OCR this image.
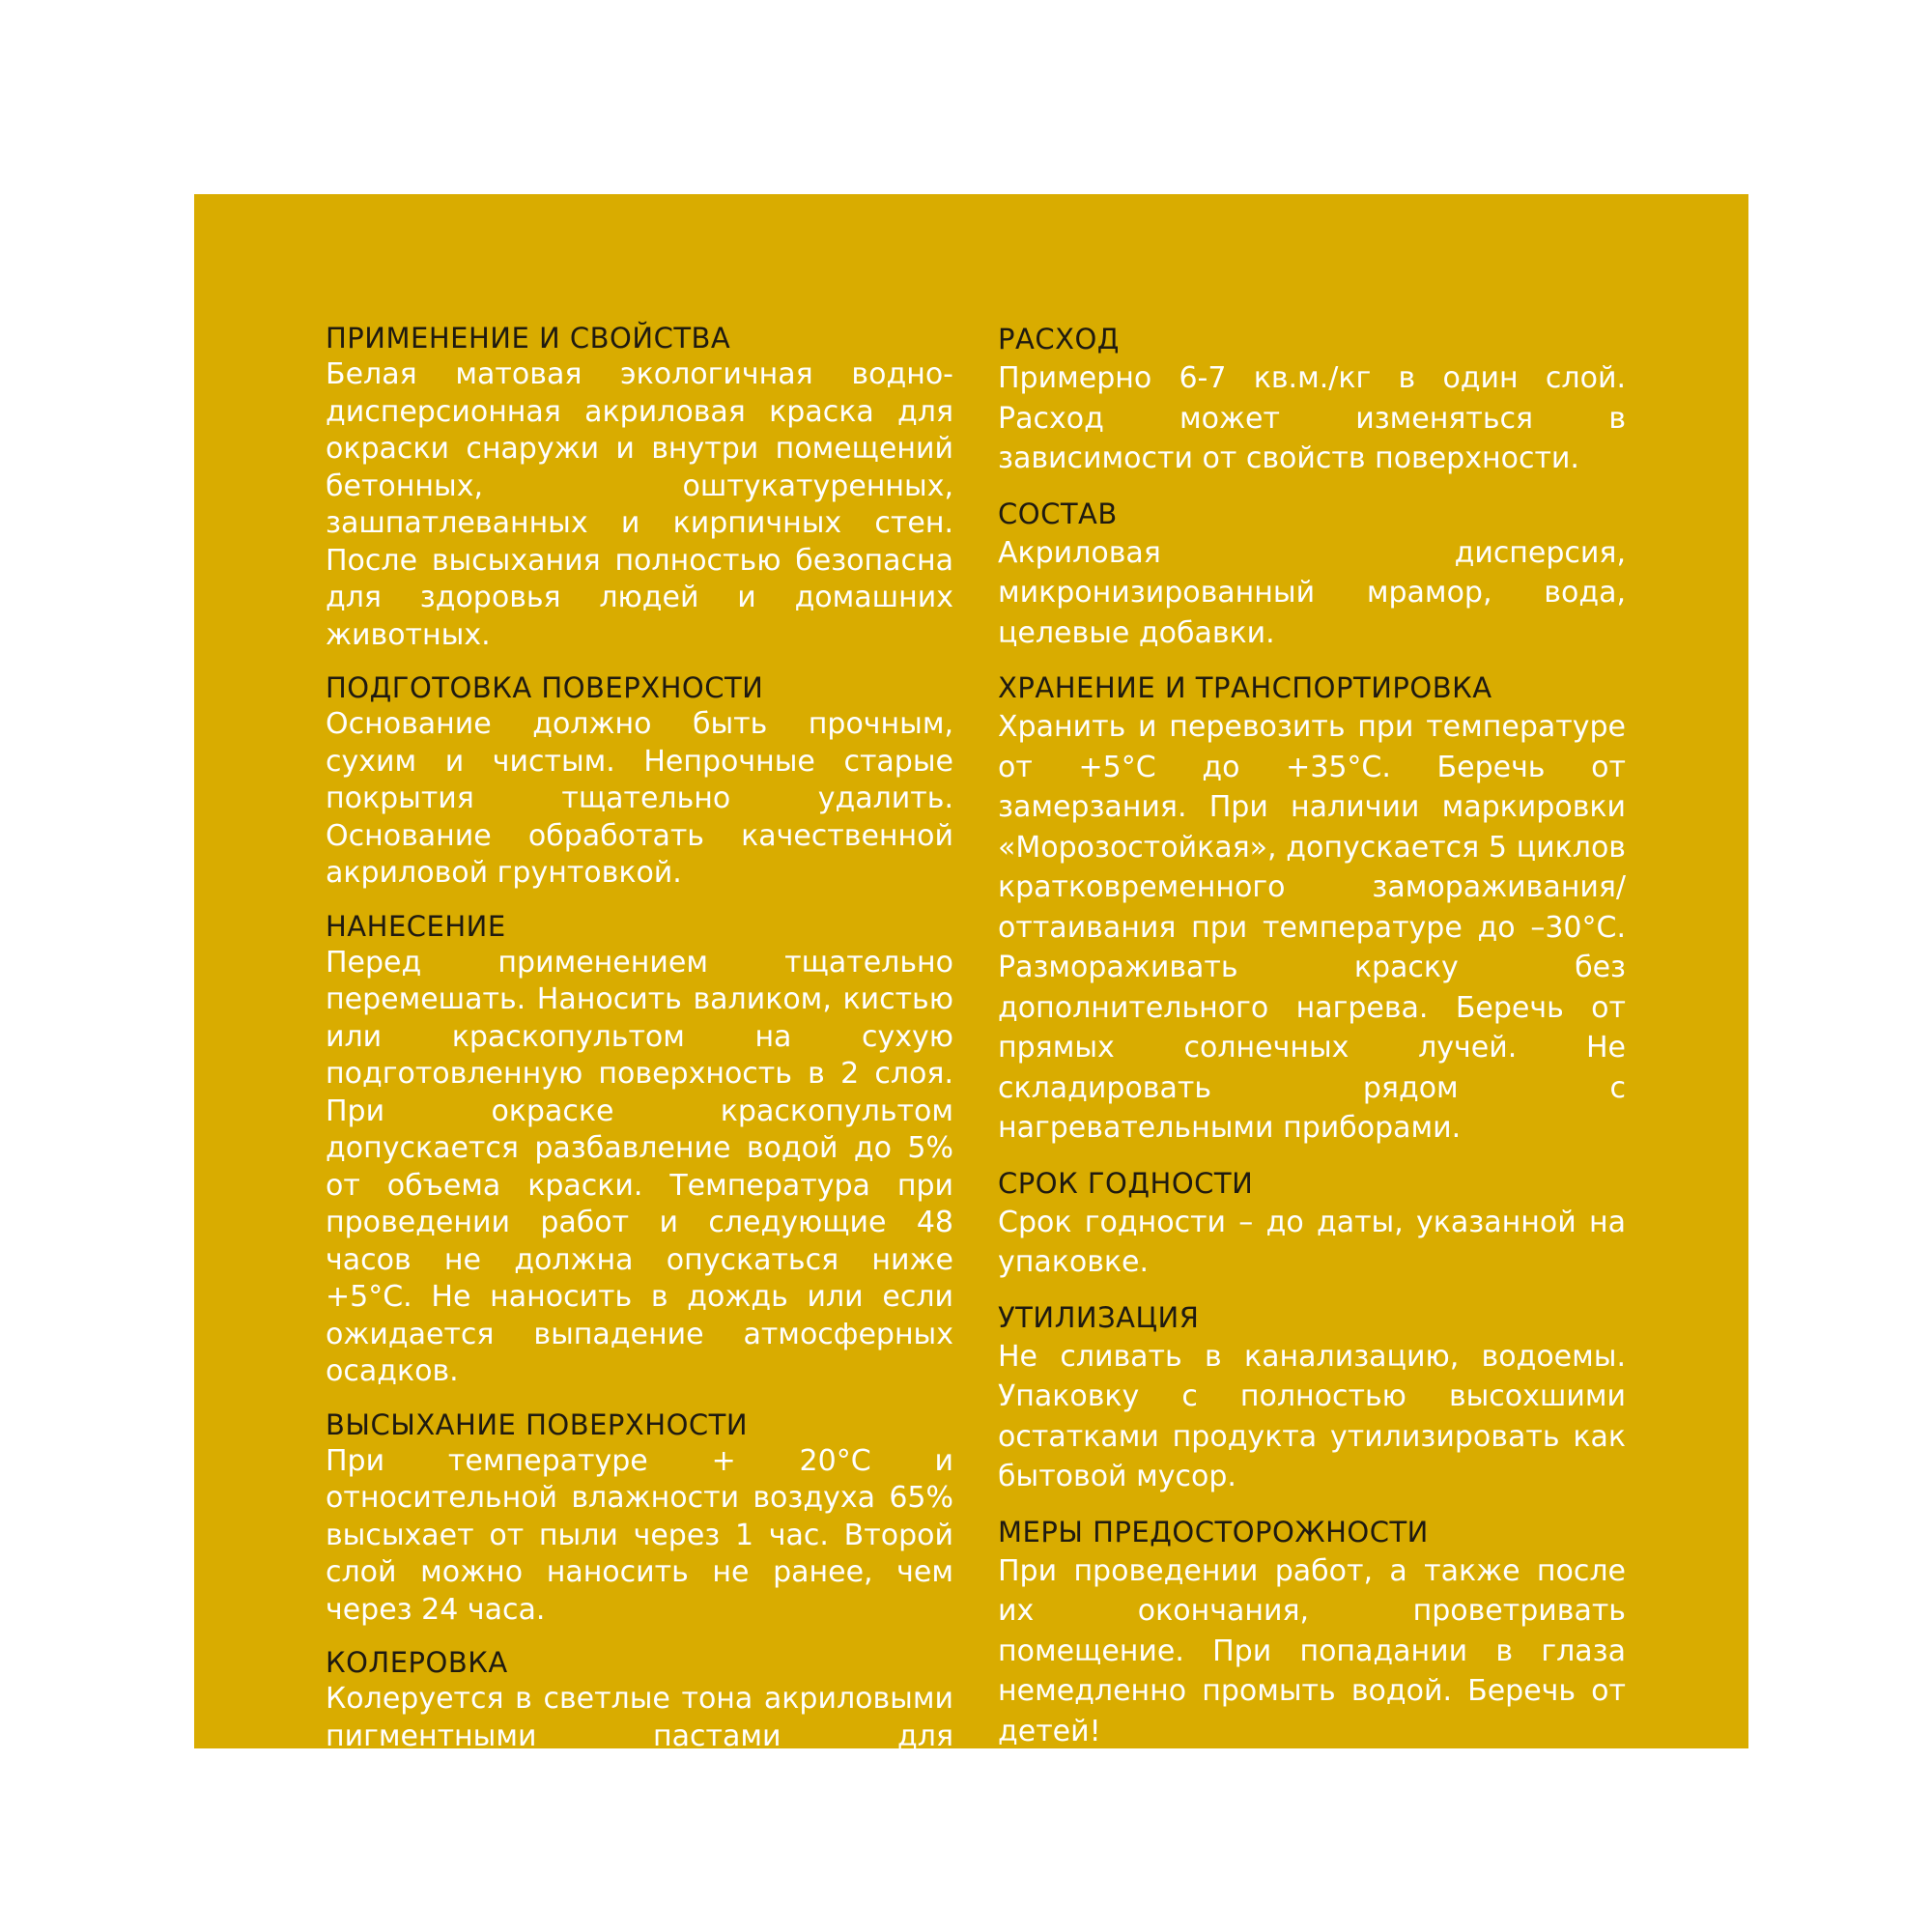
ПРИМЕНЕНИЕ И СВОЙСТВА

Белая матовая экологичная водно-дисперсионная акриловая краска для окраски снаружи и внутри помещений бетонных, оштукатуренных, зашпатлеванных и кирпичных стен. После высыхания полностью безопасна для здоровья людей и домашних животных.

ПОДГОТОВКА ПОВЕРХНОСТИ

Основание должно быть прочным, сухим и чистым. Непрочные старые покрытия тщательно удалить. Основание обработать качественной акриловой грунтовкой.

НАНЕСЕНИЕ

Перед применением тщательно перемешать. Наносить валиком, кистью или краскопультом на сухую подготовленную поверхность в 2 слоя. При окраске краскопультом допускается разбавление водой до 5% от объема краски. Температура при проведении работ и следующие 48 часов не должна опускаться ниже +5°С. Не наносить в дождь или если ожидается выпадение атмосферных осадков.

ВЫСЫХАНИЕ ПОВЕРХНОСТИ

При температуре + 20°С и относительной влажности воздуха 65% высыхает от пыли через 1 час. Второй слой можно наносить не ранее, чем через 24 часа.

КОЛЕРОВКА

Колеруется в светлые тона акриловыми пигментными пастами для воднодисперсионных красок.

РАСХОД

Примерно 6-7 кв.м./кг в один слой. Расход может изменяться в зависимости от свойств поверхности.

СОСТАВ

Акриловая дисперсия, микронизированный мрамор, вода, целевые добавки.

ХРАНЕНИЕ И ТРАНСПОРТИРОВКА

Хранить и перевозить при температуре от +5°С до +35°С. Беречь от замерзания. При наличии маркировки «Морозостойкая», допускается 5 циклов кратковременного замораживания/оттаивания при температуре до –30°С. Размораживать краску без дополнительного нагрева. Беречь от прямых солнечных лучей. Не складировать рядом с нагревательными приборами.

СРОК ГОДНОСТИ

Срок годности – до даты, указанной на упаковке.

УТИЛИЗАЦИЯ

Не сливать в канализацию, водоемы. Упаковку с полностью высохшими остатками продукта утилизировать как бытовой мусор.

МЕРЫ ПРЕДОСТОРОЖНОСТИ

При проведении работ, а также после их окончания, проветривать помещение. При попадании в глаза немедленно промыть водой. Беречь от детей!
